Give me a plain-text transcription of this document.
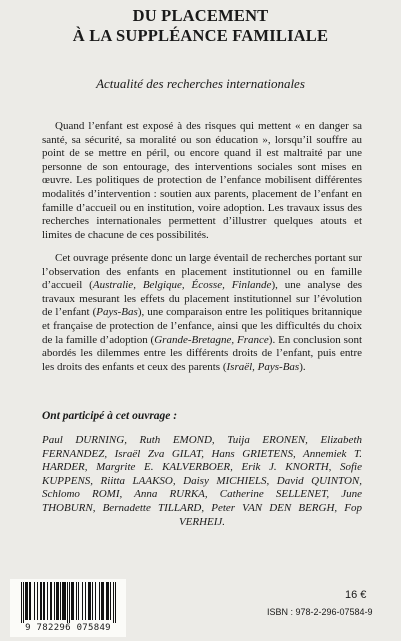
DU PLACEMENT
À LA SUPPLÉANCE FAMILIALE
Actualité des recherches internationales

Quand l’enfant est exposé à des risques qui mettent « en danger sa santé, sa sécurité, sa moralité ou son éducation », lorsqu’il souffre au point de se mettre en péril, ou encore quand il est maltraité par une personne de son entourage, des interventions sociales sont mises en œuvre. Les politiques de protection de l’enfance mobilisent différentes modalités d’intervention : soutien aux parents, placement de l’enfant en famille d’accueil ou en institution, voire adoption. Les travaux issus des recherches internationales permettent d’illustrer quelques atouts et limites de chacune de ces possibilités.

Cet ouvrage présente donc un large éventail de recherches portant sur l’observation des enfants en placement institutionnel ou en famille d’accueil (Australie, Belgique, Écosse, Finlande), une analyse des travaux mesurant les effets du placement institutionnel sur l’évolution de l’enfant (Pays-Bas), une comparaison entre les politiques britannique et française de protection de l’enfance, ainsi que les difficultés du choix de la famille d’adoption (Grande-Bretagne, France). En conclusion sont abordés les dilemmes entre les différents droits de l’enfant, puis entre les droits des enfants et ceux des parents (Israël, Pays-Bas).

Ont participé à cet ouvrage :

Paul DURNING, Ruth EMOND, Tuija ERONEN, Elizabeth FERNANDEZ, Israël Zva GILAT, Hans GRIETENS, Annemiek T. HARDER, Margrite E. KALVERBOER, Erik J. KNORTH, Sofie KUPPENS, Riitta LAAKSO, Daisy MICHIELS, David QUINTON, Schlomo ROMI, Anna RURKA, Catherine SELLENET, June THOBURN, Bernadette TILLARD, Peter VAN DEN BERGH, Fop VERHEIJ.

9 782296 075849
16 €
ISBN : 978-2-296-07584-9
